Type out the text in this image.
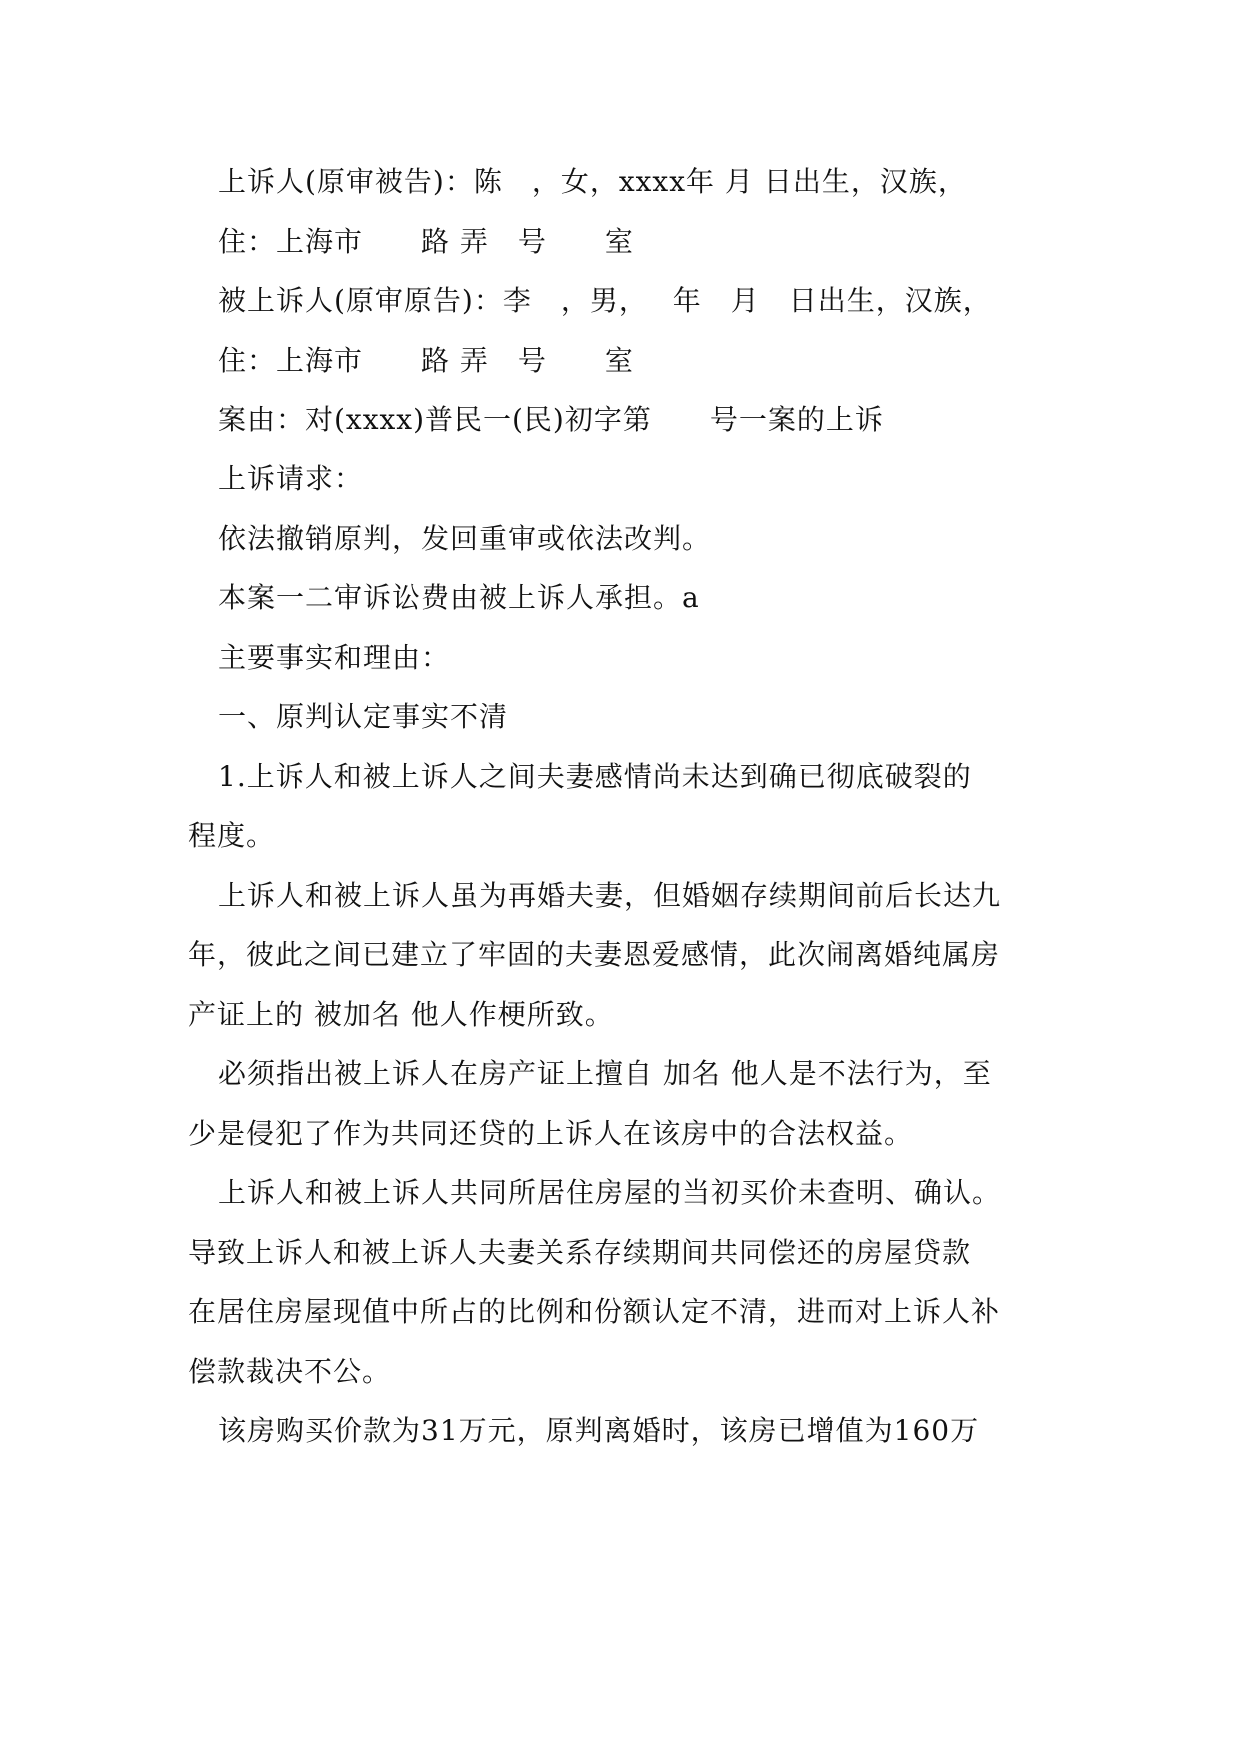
上诉人(原审被告)：陈　，女，xxxx年 月 日出生，汉族，
住：上海市　　路 弄　号　　室
被上诉人(原审原告)：李　，男，　 年　月　日出生，汉族，
住：上海市　　路 弄　号　　室
案由：对(xxxx)普民一(民)初字第　　号一案的上诉
上诉请求：
依法撤销原判，发回重审或依法改判。
本案一二审诉讼费由被上诉人承担。a
主要事实和理由：
一、原判认定事实不清
1.上诉人和被上诉人之间夫妻感情尚未达到确已彻底破裂的
程度。
上诉人和被上诉人虽为再婚夫妻，但婚姻存续期间前后长达九
年，彼此之间已建立了牢固的夫妻恩爱感情，此次闹离婚纯属房
产证上的 被加名 他人作梗所致。
必须指出被上诉人在房产证上擅自 加名 他人是不法行为，至
少是侵犯了作为共同还贷的上诉人在该房中的合法权益。
上诉人和被上诉人共同所居住房屋的当初买价未查明、确认。
导致上诉人和被上诉人夫妻关系存续期间共同偿还的房屋贷款
在居住房屋现值中所占的比例和份额认定不清，进而对上诉人补
偿款裁决不公。
该房购买价款为31万元，原判离婚时，该房已增值为160万
